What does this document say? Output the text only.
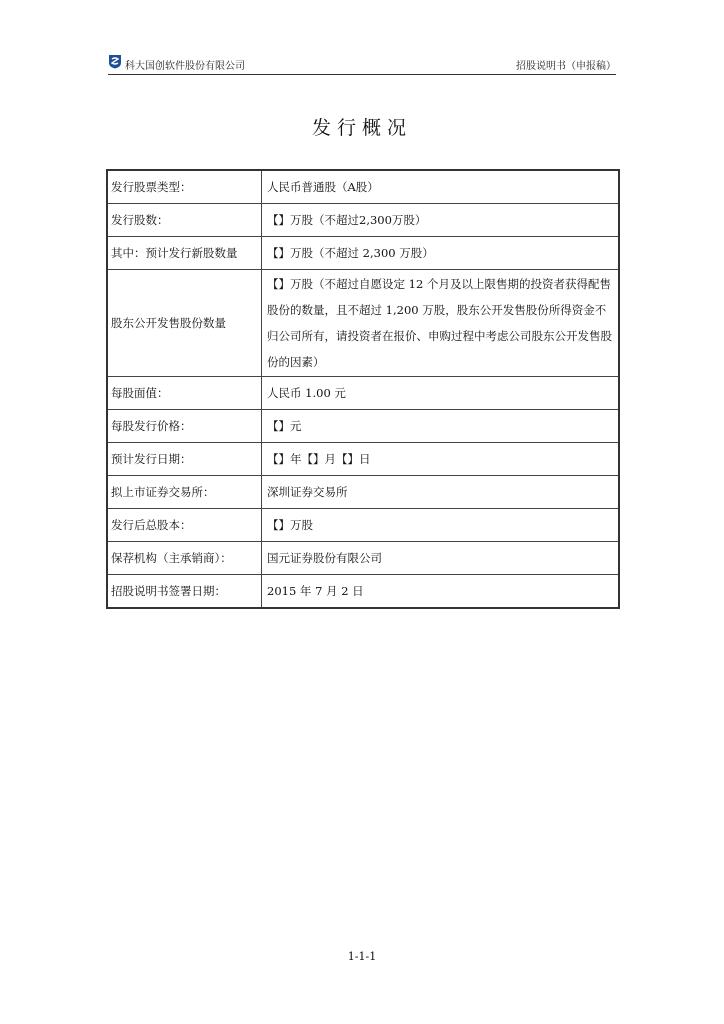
科大国创软件股份有限公司	招股说明书（申报稿）
发行概况
发行股票类型：	人民币普通股（A股）
发行股数：	【】万股（不超过2,300万股）
其中：预计发行新股数量	【】万股（不超过 2,300 万股）
股东公开发售股份数量	【】万股（不超过自愿设定 12 个月及以上限售期的投资者获得配售股份的数量，且不超过 1,200 万股，股东公开发售股份所得资金不归公司所有，请投资者在报价、申购过程中考虑公司股东公开发售股份的因素）
每股面值：	人民币 1.00 元
每股发行价格：	【】元
预计发行日期：	【】年【】月【】日
拟上市证券交易所：	深圳证券交易所
发行后总股本：	【】万股
保荐机构（主承销商）：	国元证券股份有限公司
招股说明书签署日期：	2015 年 7 月 2 日
1-1-1
